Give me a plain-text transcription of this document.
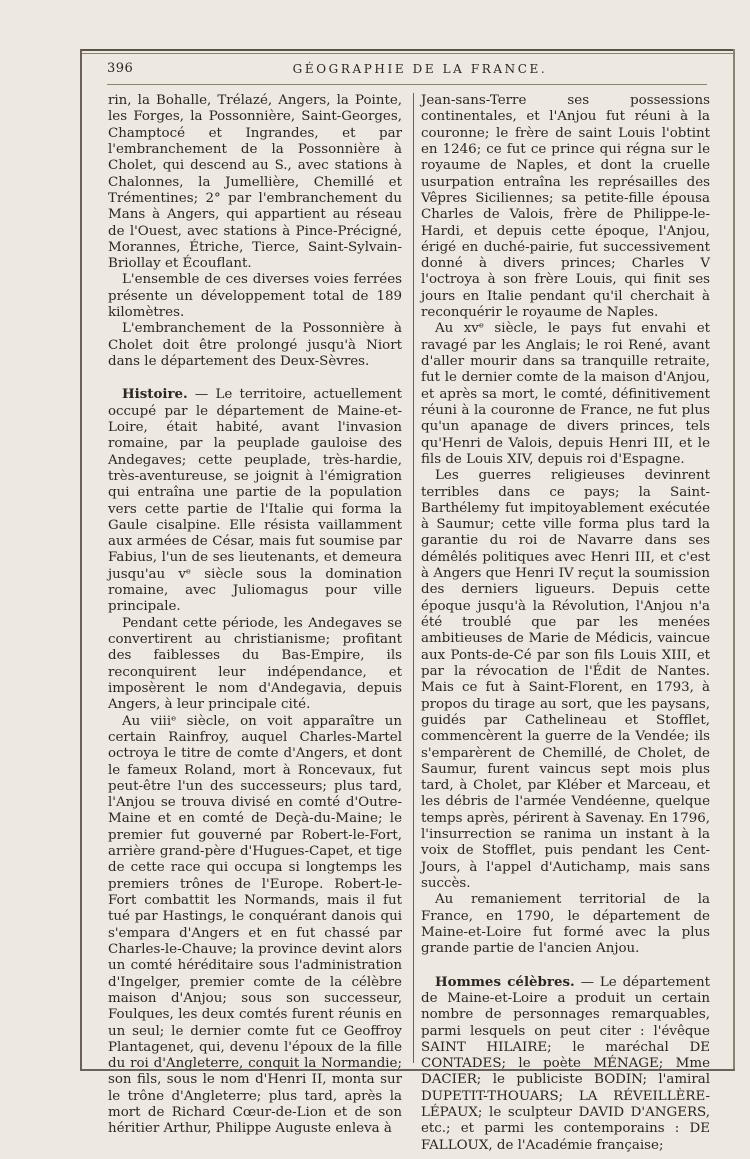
396	GÉOGRAPHIE DE LA FRANCE.

rin, la Bohalle, Trélazé, Angers, la Pointe, les Forges, la Possonnière, Saint-Georges, Champtocé et Ingrandes, et par l'embranchement de la Possonnière à Cholet, qui descend au S., avec stations à Chalonnes, la Jumellière, Chemillé et Trémentines; 2° par l'embranchement du Mans à Angers, qui appartient au réseau de l'Ouest, avec stations à Pince-Précigné, Morannes, Étriche, Tierce, Saint-Sylvain-Briollay et Écouflant.

L'ensemble de ces diverses voies ferrées présente un développement total de 189 kilomètres.

L'embranchement de la Possonnière à Cholet doit être prolongé jusqu'à Niort dans le département des Deux-Sèvres.

Histoire. — Le territoire, actuellement occupé par le département de Maine-et-Loire, était habité, avant l'invasion romaine, par la peuplade gauloise des Andegaves; cette peuplade, très-hardie, très-aventureuse, se joignit à l'émigration qui entraîna une partie de la population vers cette partie de l'Italie qui forma la Gaule cisalpine. Elle résista vaillamment aux armées de César, mais fut soumise par Fabius, l'un de ses lieutenants, et demeura jusqu'au vᵉ siècle sous la domination romaine, avec Juliomagus pour ville principale.

Pendant cette période, les Andegaves se convertirent au christianisme; profitant des faiblesses du Bas-Empire, ils reconquirent leur indépendance, et imposèrent le nom d'Andegavia, depuis Angers, à leur principale cité.

Au viiiᵉ siècle, on voit apparaître un certain Rainfroy, auquel Charles-Martel octroya le titre de comte d'Angers, et dont le fameux Roland, mort à Roncevaux, fut peut-être l'un des successeurs; plus tard, l'Anjou se trouva divisé en comté d'Outre-Maine et en comté de Deçà-du-Maine; le premier fut gouverné par Robert-le-Fort, arrière grand-père d'Hugues-Capet, et tige de cette race qui occupa si longtemps les premiers trônes de l'Europe. Robert-le-Fort combattit les Normands, mais il fut tué par Hastings, le conquérant danois qui s'empara d'Angers et en fut chassé par Charles-le-Chauve; la province devint alors un comté héréditaire sous l'administration d'Ingelger, premier comte de la célèbre maison d'Anjou; sous son successeur, Foulques, les deux comtés furent réunis en un seul; le dernier comte fut ce Geoffroy Plantagenet, qui, devenu l'époux de la fille du roi d'Angleterre, conquit la Normandie; son fils, sous le nom d'Henri II, monta sur le trône d'Angleterre; plus tard, après la mort de Richard Cœur-de-Lion et de son héritier Arthur, Philippe Auguste enleva à

Jean-sans-Terre ses possessions continentales, et l'Anjou fut réuni à la couronne; le frère de saint Louis l'obtint en 1246; ce fut ce prince qui régna sur le royaume de Naples, et dont la cruelle usurpation entraîna les représailles des Vêpres Siciliennes; sa petite-fille épousa Charles de Valois, frère de Philippe-le-Hardi, et depuis cette époque, l'Anjou, érigé en duché-pairie, fut successivement donné à divers princes; Charles V l'octroya à son frère Louis, qui finit ses jours en Italie pendant qu'il cherchait à reconquérir le royaume de Naples.

Au xvᵉ siècle, le pays fut envahi et ravagé par les Anglais; le roi René, avant d'aller mourir dans sa tranquille retraite, fut le dernier comte de la maison d'Anjou, et après sa mort, le comté, définitivement réuni à la couronne de France, ne fut plus qu'un apanage de divers princes, tels qu'Henri de Valois, depuis Henri III, et le fils de Louis XIV, depuis roi d'Espagne.

Les guerres religieuses devinrent terribles dans ce pays; la Saint-Barthélemy fut impitoyablement exécutée à Saumur; cette ville forma plus tard la garantie du roi de Navarre dans ses démêlés politiques avec Henri III, et c'est à Angers que Henri IV reçut la soumission des derniers ligueurs. Depuis cette époque jusqu'à la Révolution, l'Anjou n'a été troublé que par les menées ambitieuses de Marie de Médicis, vaincue aux Ponts-de-Cé par son fils Louis XIII, et par la révocation de l'Édit de Nantes. Mais ce fut à Saint-Florent, en 1793, à propos du tirage au sort, que les paysans, guidés par Cathelineau et Stofflet, commencèrent la guerre de la Vendée; ils s'emparèrent de Chemillé, de Cholet, de Saumur, furent vaincus sept mois plus tard, à Cholet, par Kléber et Marceau, et les débris de l'armée Vendéenne, quelque temps après, périrent à Savenay. En 1796, l'insurrection se ranima un instant à la voix de Stofflet, puis pendant les Cent-Jours, à l'appel d'Autichamp, mais sans succès.

Au remaniement territorial de la France, en 1790, le département de Maine-et-Loire fut formé avec la plus grande partie de l'ancien Anjou.

Hommes célèbres. — Le département de Maine-et-Loire a produit un certain nombre de personnages remarquables, parmi lesquels on peut citer : l'évêque SAINT HILAIRE; le maréchal DE CONTADES; le poète MÉNAGE; Mme DACIER; le publiciste BODIN; l'amiral DUPETIT-THOUARS; LA RÉVEILLÈRE-LÉPAUX; le sculpteur DAVID D'ANGERS, etc.; et parmi les contemporains : DE FALLOUX, de l'Académie française;
